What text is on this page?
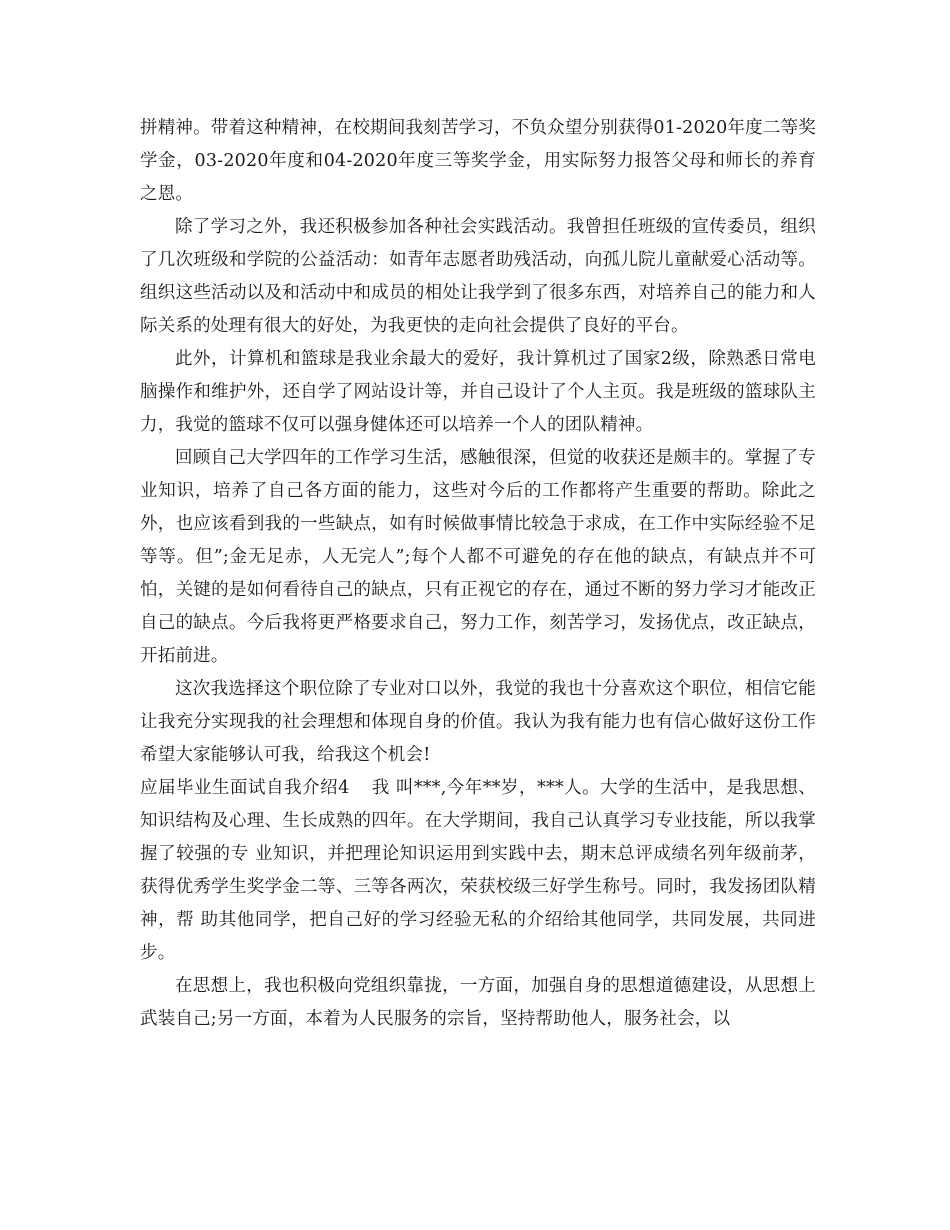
拼精神。带着这种精神，在校期间我刻苦学习，不负众望分别获得01-2020年度二等奖学金，03-2020年度和04-2020年度三等奖学金，用实际努力报答父母和师长的养育之恩。

除了学习之外，我还积极参加各种社会实践活动。我曾担任班级的宣传委员，组织了几次班级和学院的公益活动：如青年志愿者助残活动，向孤儿院儿童献爱心活动等。组织这些活动以及和活动中和成员的相处让我学到了很多东西，对培养自己的能力和人际关系的处理有很大的好处，为我更快的走向社会提供了良好的平台。

此外，计算机和篮球是我业余最大的爱好，我计算机过了国家2级，除熟悉日常电脑操作和维护外，还自学了网站设计等，并自己设计了个人主页。我是班级的篮球队主力，我觉的篮球不仅可以强身健体还可以培养一个人的团队精神。

回顾自己大学四年的工作学习生活，感触很深，但觉的收获还是颇丰的。掌握了专业知识，培养了自己各方面的能力，这些对今后的工作都将产生重要的帮助。除此之外，也应该看到我的一些缺点，如有时候做事情比较急于求成，在工作中实际经验不足等等。但”;金无足赤，人无完人”;每个人都不可避免的存在他的缺点，有缺点并不可怕，关键的是如何看待自己的缺点，只有正视它的存在，通过不断的努力学习才能改正自己的缺点。今后我将更严格要求自己，努力工作，刻苦学习，发扬优点，改正缺点，开拓前进。

这次我选择这个职位除了专业对口以外，我觉的我也十分喜欢这个职位，相信它能让我充分实现我的社会理想和体现自身的价值。我认为我有能力也有信心做好这份工作希望大家能够认可我，给我这个机会!

应届毕业生面试自我介绍4 我 叫***,今年**岁，***人。大学的生活中，是我思想、知识结构及心理、生长成熟的四年。在大学期间，我自己认真学习专业技能，所以我掌握了较强的专 业知识，并把理论知识运用到实践中去，期末总评成绩名列年级前茅，获得优秀学生奖学金二等、三等各两次，荣获校级三好学生称号。同时，我发扬团队精神，帮 助其他同学，把自己好的学习经验无私的介绍给其他同学，共同发展，共同进步。

在思想上，我也积极向党组织靠拢，一方面，加强自身的思想道德建设，从思想上武装自己;另一方面，本着为人民服务的宗旨，坚持帮助他人，服务社会，以
